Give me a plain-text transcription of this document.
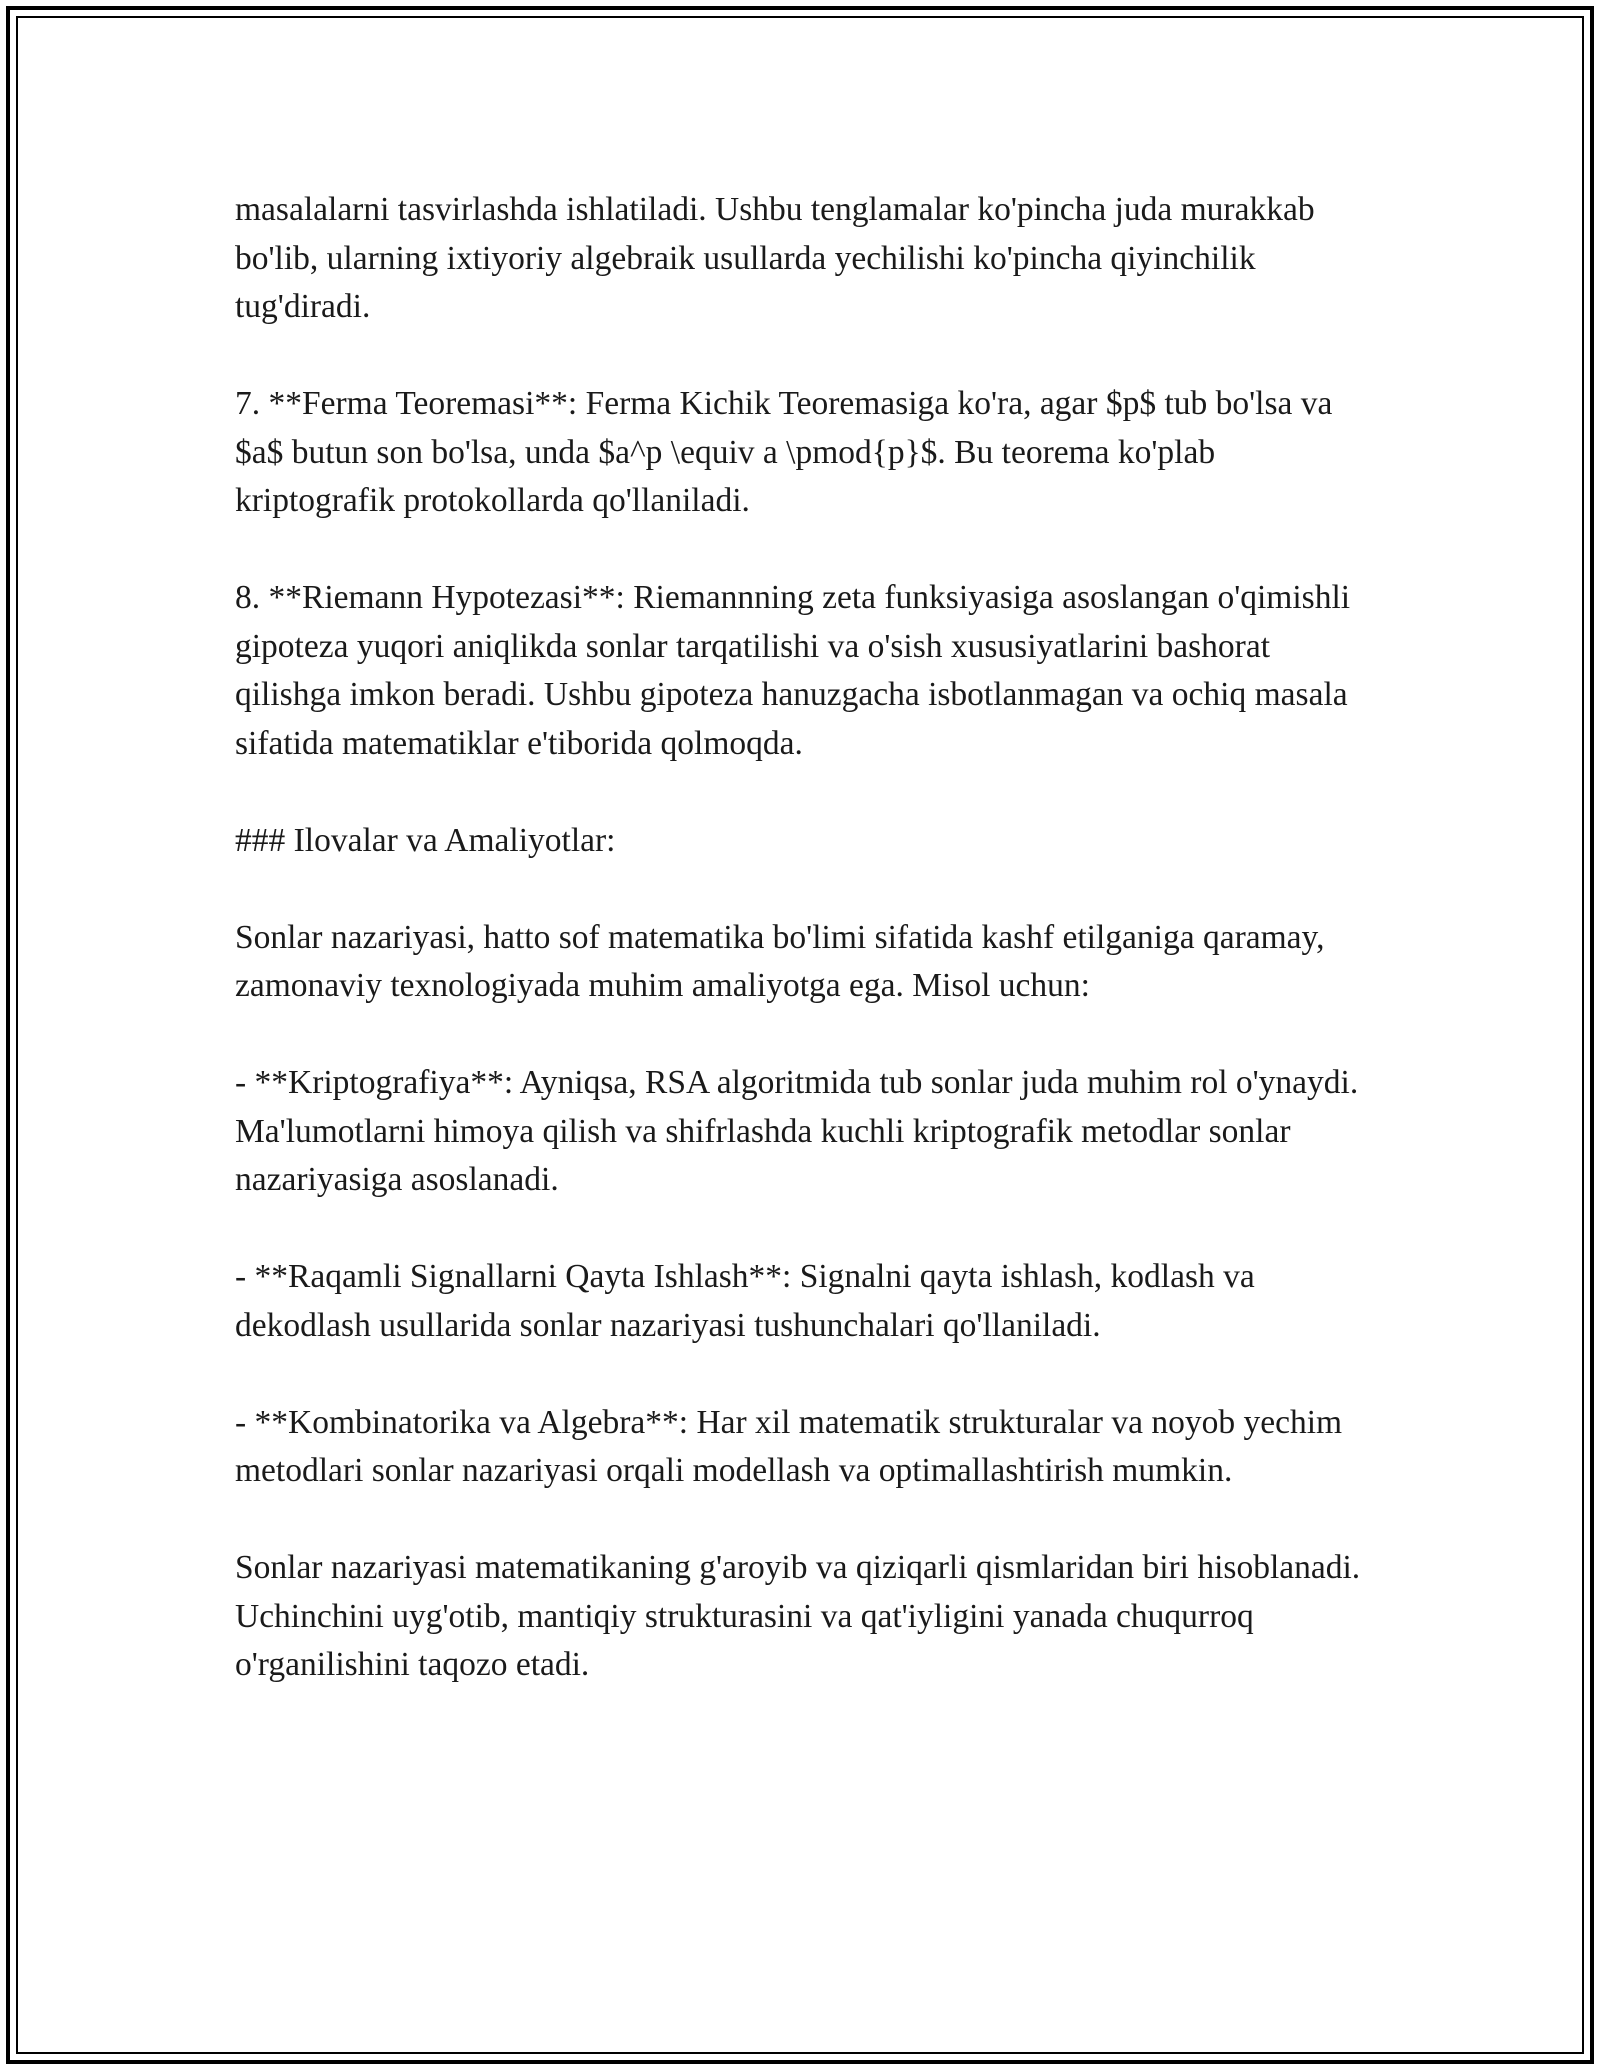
masalalarni tasvirlashda ishlatiladi. Ushbu tenglamalar ko'pincha juda murakkab bo'lib, ularning ixtiyoriy algebraik usullarda yechilishi ko'pincha qiyinchilik tug'diradi.

7. **Ferma Teoremasi**: Ferma Kichik Teoremasiga ko'ra, agar $p$ tub bo'lsa va $a$ butun son bo'lsa, unda $a^p \equiv a \pmod{p}$. Bu teorema ko'plab kriptografik protokollarda qo'llaniladi.

8. **Riemann Hypotezasi**: Riemannning zeta funksiyasiga asoslangan o'qimishli gipoteza yuqori aniqlikda sonlar tarqatilishi va o'sish xususiyatlarini bashorat qilishga imkon beradi. Ushbu gipoteza hanuzgacha isbotlanmagan va ochiq masala sifatida matematiklar e'tiborida qolmoqda.

### Ilovalar va Amaliyotlar:

Sonlar nazariyasi, hatto sof matematika bo'limi sifatida kashf etilganiga qaramay, zamonaviy texnologiyada muhim amaliyotga ega. Misol uchun:

- **Kriptografiya**: Ayniqsa, RSA algoritmida tub sonlar juda muhim rol o'ynaydi. Ma'lumotlarni himoya qilish va shifrlashda kuchli kriptografik metodlar sonlar nazariyasiga asoslanadi.

- **Raqamli Signallarni Qayta Ishlash**: Signalni qayta ishlash, kodlash va dekodlash usullarida sonlar nazariyasi tushunchalari qo'llaniladi.

- **Kombinatorika va Algebra**: Har xil matematik strukturalar va noyob yechim metodlari sonlar nazariyasi orqali modellash va optimallashtirish mumkin.

Sonlar nazariyasi matematikaning g'aroyib va qiziqarli qismlaridan biri hisoblanadi. Uchinchini uyg'otib, mantiqiy strukturasini va qat'iyligini yanada chuqurroq o'rganilishini taqozo etadi.
